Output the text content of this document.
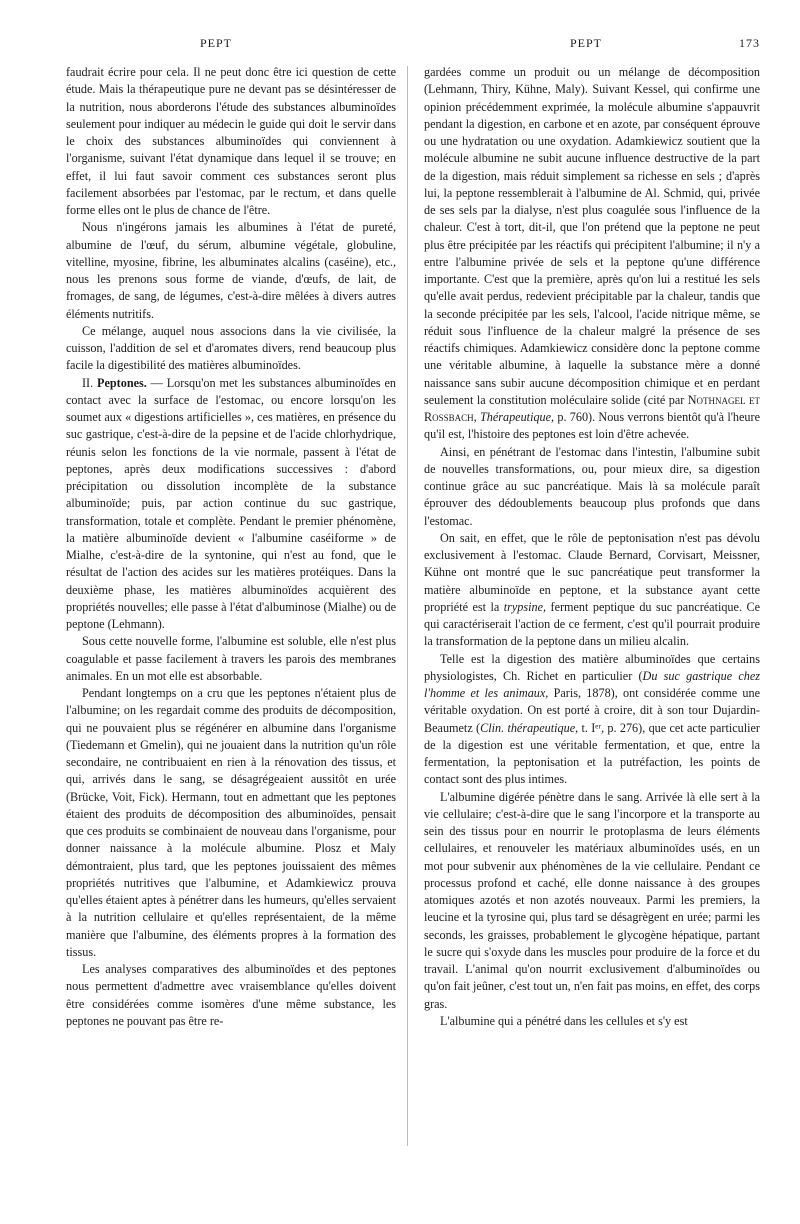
PEPT	PEPT	173

faudrait écrire pour cela. Il ne peut donc être ici question de cette étude. Mais la thérapeutique pure ne devant pas se désintéresser de la nutrition, nous aborderons l'étude des substances albuminoïdes seulement pour indiquer au médecin le guide qui doit le servir dans le choix des substances albuminoïdes qui conviennent à l'organisme, suivant l'état dynamique dans lequel il se trouve; en effet, il lui faut savoir comment ces substances seront plus facilement absorbées par l'estomac, par le rectum, et dans quelle forme elles ont le plus de chance de l'être.

Nous n'ingérons jamais les albumines à l'état de pureté, albumine de l'œuf, du sérum, albumine végétale, globuline, vitelline, myosine, fibrine, les albuminates alcalins (caséine), etc., nous les prenons sous forme de viande, d'œufs, de lait, de fromages, de sang, de légumes, c'est-à-dire mêlées à divers autres éléments nutritifs.

Ce mélange, auquel nous associons dans la vie civilisée, la cuisson, l'addition de sel et d'aromates divers, rend beaucoup plus facile la digestibilité des matières albuminoïdes.

II. Peptones. — Lorsqu'on met les substances albuminoïdes en contact avec la surface de l'estomac, ou encore lorsqu'on les soumet aux « digestions artificielles », ces matières, en présence du suc gastrique, c'est-à-dire de la pepsine et de l'acide chlorhydrique, réunis selon les fonctions de la vie normale, passent à l'état de peptones, après deux modifications successives : d'abord précipitation ou dissolution incomplète de la substance albuminoïde; puis, par action continue du suc gastrique, transformation, totale et complète. Pendant le premier phénomène, la matière albuminoïde devient « l'albumine caséiforme » de Mialhe, c'est-à-dire de la syntonine, qui n'est au fond, que le résultat de l'action des acides sur les matières protéiques. Dans la deuxième phase, les matières albuminoïdes acquièrent des propriétés nouvelles; elle passe à l'état d'albuminose (Mialhe) ou de peptone (Lehmann).

Sous cette nouvelle forme, l'albumine est soluble, elle n'est plus coagulable et passe facilement à travers les parois des membranes animales. En un mot elle est absorbable.

Pendant longtemps on a cru que les peptones n'étaient plus de l'albumine; on les regardait comme des produits de décomposition, qui ne pouvaient plus se régénérer en albumine dans l'organisme (Tiedemann et Gmelin), qui ne jouaient dans la nutrition qu'un rôle secondaire, ne contribuaient en rien à la rénovation des tissus, et qui, arrivés dans le sang, se désagrégeaient aussitôt en urée (Brücke, Voit, Fick). Hermann, tout en admettant que les peptones étaient des produits de décomposition des albuminoïdes, pensait que ces produits se combinaient de nouveau dans l'organisme, pour donner naissance à la molécule albumine. Plosz et Maly démontraient, plus tard, que les peptones jouissaient des mêmes propriétés nutritives que l'albumine, et Adamkiewicz prouva qu'elles étaient aptes à pénétrer dans les humeurs, qu'elles servaient à la nutrition cellulaire et qu'elles représentaient, de la même manière que l'albumine, des éléments propres à la formation des tissus.

Les analyses comparatives des albuminoïdes et des peptones nous permettent d'admettre avec vraisemblance qu'elles doivent être considérées comme isomères d'une même substance, les peptones ne pouvant pas être re-

gardées comme un produit ou un mélange de décomposition (Lehmann, Thiry, Kühne, Maly). Suivant Kessel, qui confirme une opinion précédemment exprimée, la molécule albumine s'appauvrit pendant la digestion, en carbone et en azote, par conséquent éprouve ou une hydratation ou une oxydation. Adamkiewicz soutient que la molécule albumine ne subit aucune influence destructive de la part de la digestion, mais réduit simplement sa richesse en sels ; d'après lui, la peptone ressemblerait à l'albumine de Al. Schmid, qui, privée de ses sels par la dialyse, n'est plus coagulée sous l'influence de la chaleur. C'est à tort, dit-il, que l'on prétend que la peptone ne peut plus être précipitée par les réactifs qui précipitent l'albumine; il n'y a entre l'albumine privée de sels et la peptone qu'une différence importante. C'est que la première, après qu'on lui a restitué les sels qu'elle avait perdus, redevient précipitable par la chaleur, tandis que la seconde précipitée par les sels, l'alcool, l'acide nitrique même, se réduit sous l'influence de la chaleur malgré la présence de ses réactifs chimiques. Adamkiewicz considère donc la peptone comme une véritable albumine, à laquelle la substance mère a donné naissance sans subir aucune décomposition chimique et en perdant seulement la constitution moléculaire solide (cité par Nothnagel et Rossbach, Thérapeutique, p. 760). Nous verrons bientôt qu'à l'heure qu'il est, l'histoire des peptones est loin d'être achevée.

Ainsi, en pénétrant de l'estomac dans l'intestin, l'albumine subit de nouvelles transformations, ou, pour mieux dire, sa digestion continue grâce au suc pancréatique. Mais là sa molécule paraît éprouver des dédoublements beaucoup plus profonds que dans l'estomac.

On sait, en effet, que le rôle de peptonisation n'est pas dévolu exclusivement à l'estomac. Claude Bernard, Corvisart, Meissner, Kühne ont montré que le suc pancréatique peut transformer la matière albuminoïde en peptone, et la substance ayant cette propriété est la trypsine, ferment peptique du suc pancréatique. Ce qui caractériserait l'action de ce ferment, c'est qu'il pourrait produire la transformation de la peptone dans un milieu alcalin.

Telle est la digestion des matière albuminoïdes que certains physiologistes, Ch. Richet en particulier (Du suc gastrique chez l'homme et les animaux, Paris, 1878), ont considérée comme une véritable oxydation. On est porté à croire, dit à son tour Dujardin-Beaumetz (Clin. thérapeutique, t. Iᵉʳ, p. 276), que cet acte particulier de la digestion est une véritable fermentation, et que, entre la fermentation, la peptonisation et la putréfaction, les points de contact sont des plus intimes.

L'albumine digérée pénètre dans le sang. Arrivée là elle sert à la vie cellulaire; c'est-à-dire que le sang l'incorpore et la transporte au sein des tissus pour en nourrir le protoplasma de leurs éléments cellulaires, et renouveler les matériaux albuminoïdes usés, en un mot pour subvenir aux phénomènes de la vie cellulaire. Pendant ce processus profond et caché, elle donne naissance à des groupes atomiques azotés et non azotés nouveaux. Parmi les premiers, la leucine et la tyrosine qui, plus tard se désagrègent en urée; parmi les seconds, les graisses, probablement le glycogène hépatique, partant le sucre qui s'oxyde dans les muscles pour produire de la force et du travail. L'animal qu'on nourrit exclusivement d'albuminoïdes ou qu'on fait jeûner, c'est tout un, n'en fait pas moins, en effet, des corps gras.

L'albumine qui a pénétré dans les cellules et s'y est
